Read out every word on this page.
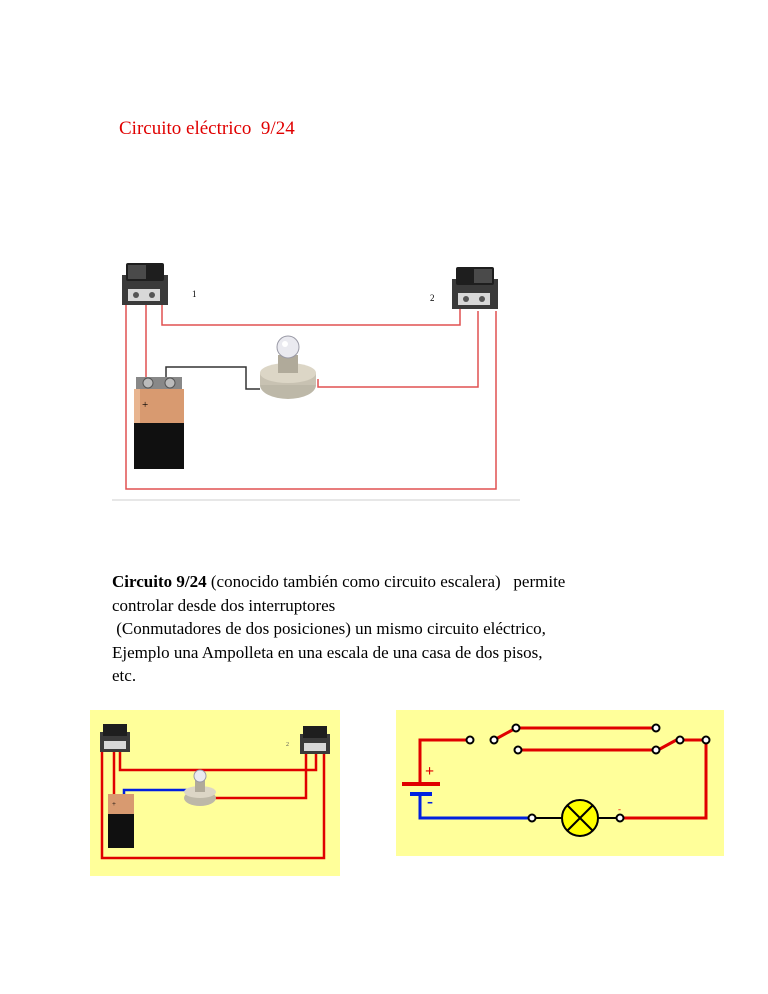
Circuito eléctrico  9/24
1	2
+
Circuito 9/24 (conocido también como circuito escalera)   permite
controlar desde dos interruptores
(Conmutadores de dos posiciones) un mismo circuito eléctrico,
Ejemplo una Ampolleta en una escala de una casa de dos pisos,
etc.
2
+
+
-	-
